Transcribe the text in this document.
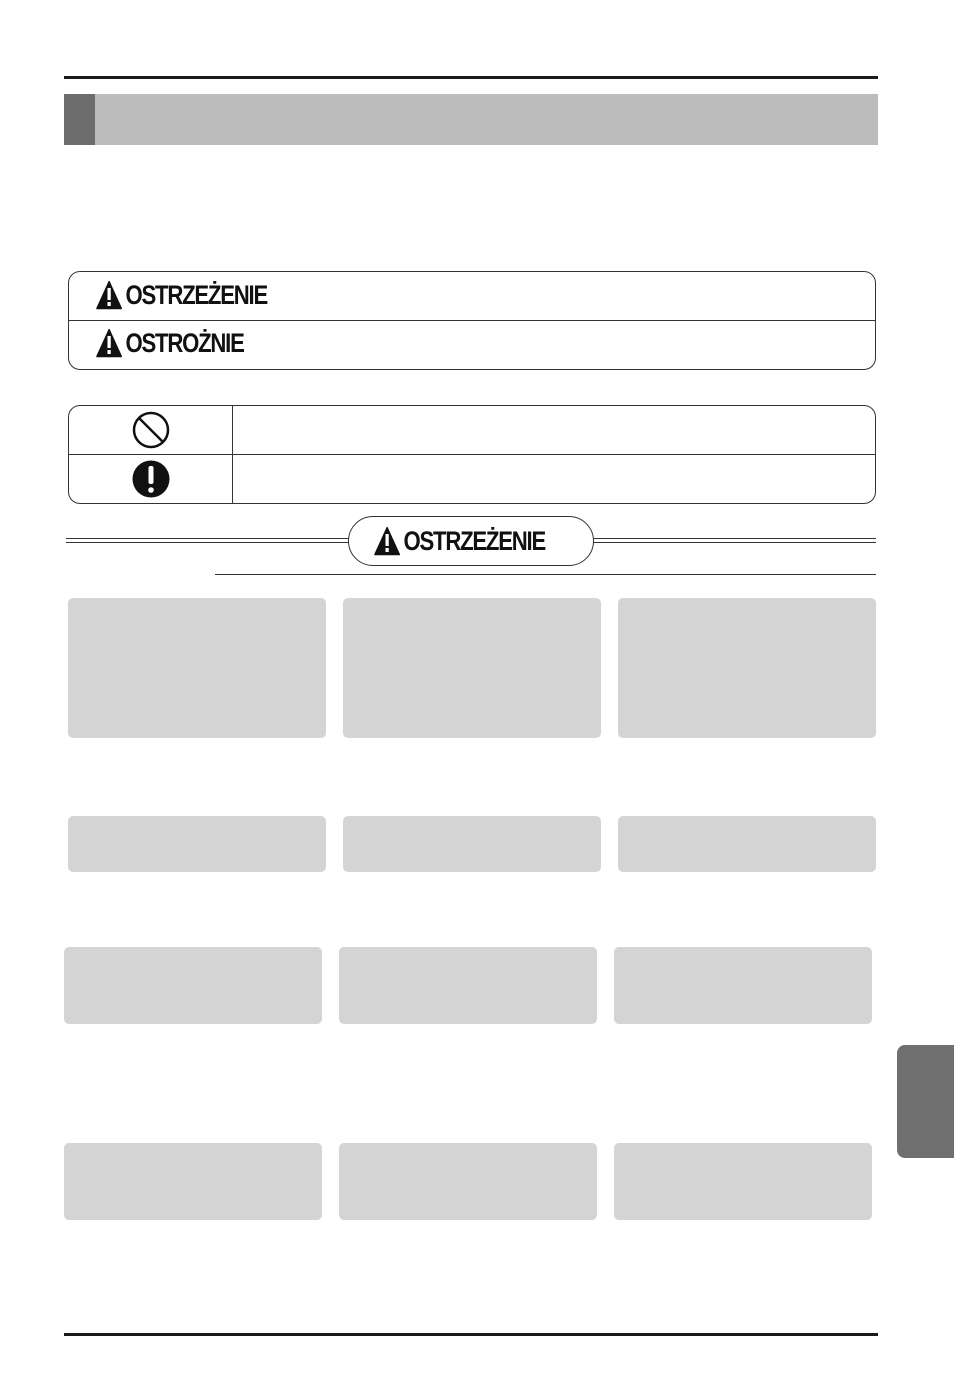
OSTRZEŻENIE
OSTROŻNIE
OSTRZEŻENIE
